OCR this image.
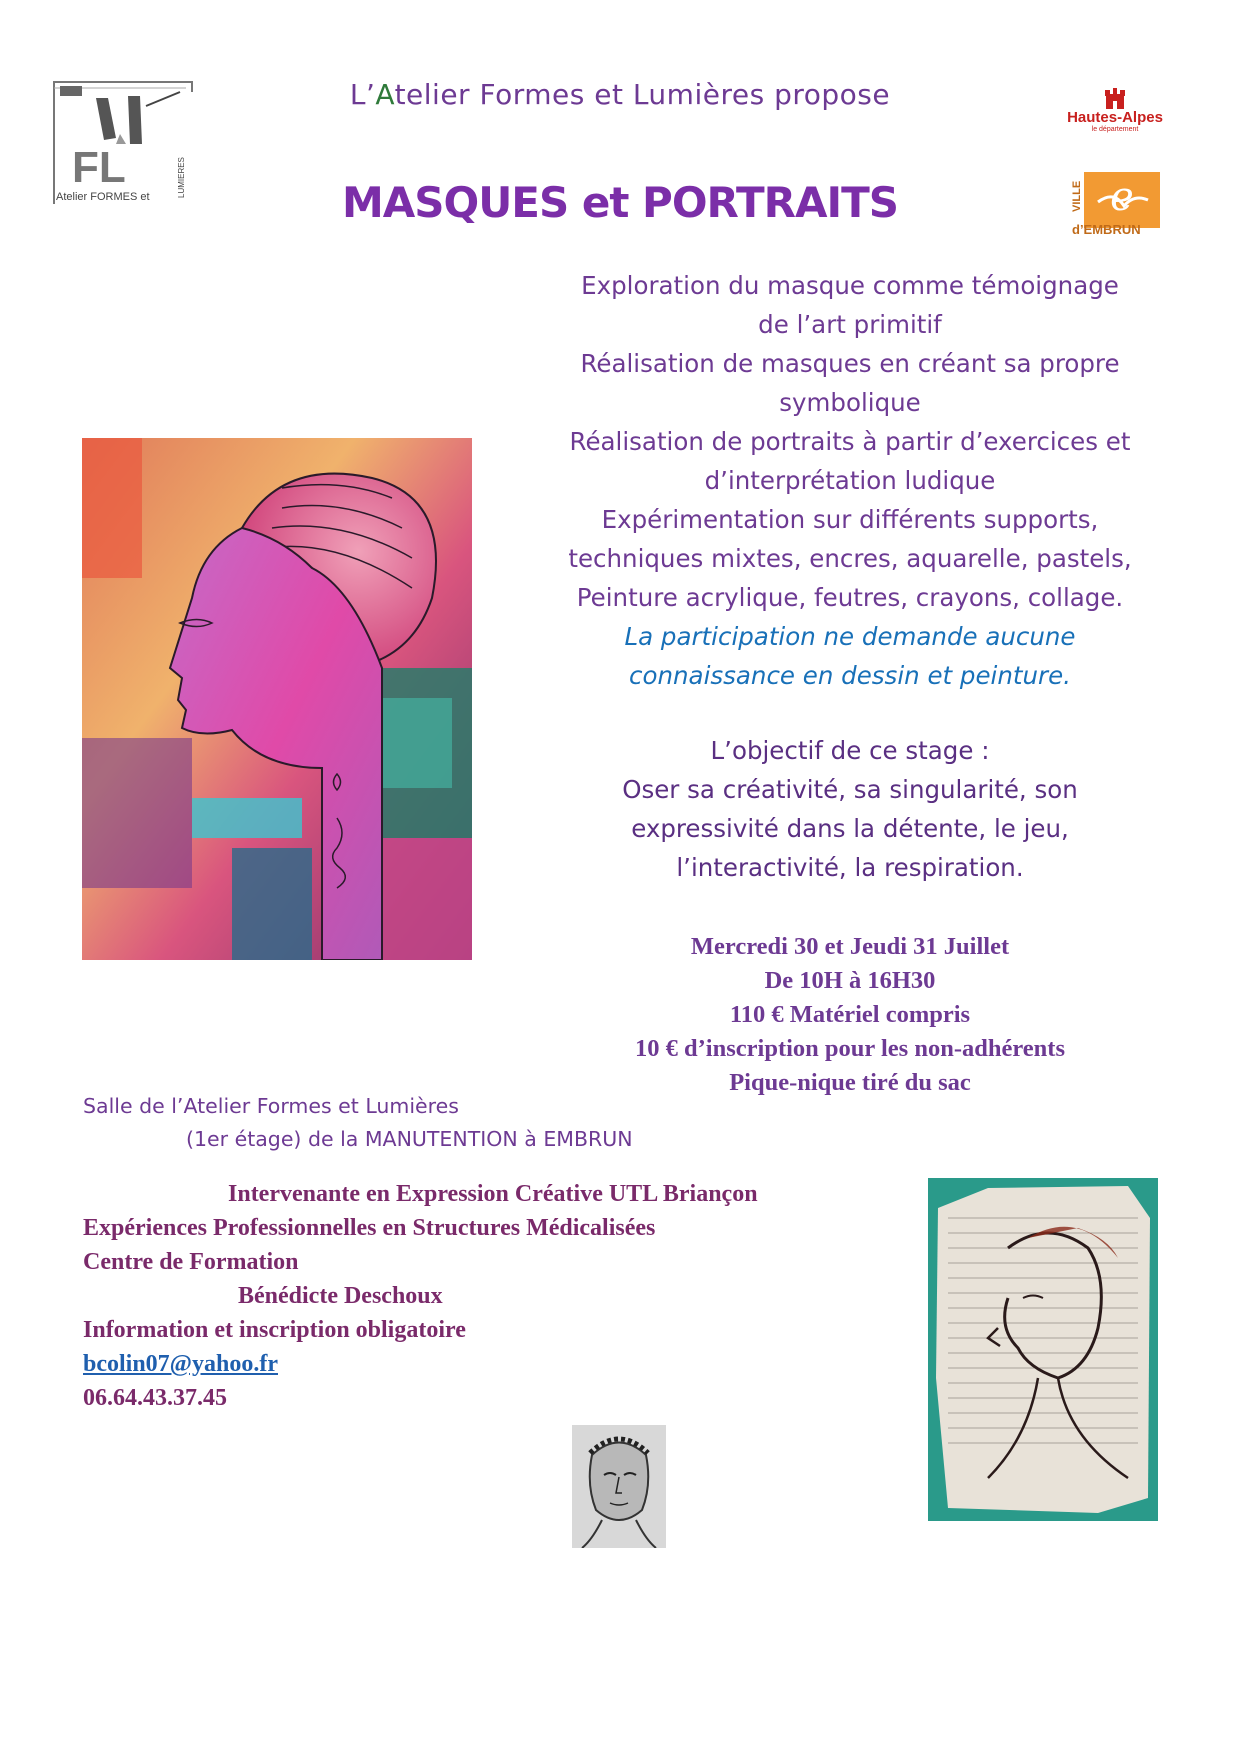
FL
Atelier FORMES et	LUMIERES
Hautes-Alpes
le département
e
VILLE
d’EMBRUN
L’Atelier Formes et Lumières propose
MASQUES et PORTRAITS
Exploration du masque comme témoignage
de l’art primitif
Réalisation de masques en créant sa propre
symbolique
Réalisation de portraits à partir d’exercices et
d’interprétation ludique
Expérimentation sur différents supports,
techniques mixtes, encres, aquarelle, pastels,
Peinture acrylique, feutres, crayons, collage.
La participation ne demande aucune
connaissance en dessin et peinture.
L’objectif de ce stage :
Oser sa créativité, sa singularité, son
expressivité dans la détente, le jeu,
l’interactivité, la respiration.
Mercredi 30 et Jeudi 31 Juillet
De 10H à 16H30
110 € Matériel compris
10 € d’inscription pour les non-adhérents
Pique-nique tiré du sac
Salle de l’Atelier Formes et Lumières
(1er étage) de la MANUTENTION à EMBRUN
Intervenante en Expression Créative UTL Briançon
Expériences Professionnelles en Structures Médicalisées
Centre de Formation
Bénédicte Deschoux
Information et inscription obligatoire
bcolin07@yahoo.fr
06.64.43.37.45
